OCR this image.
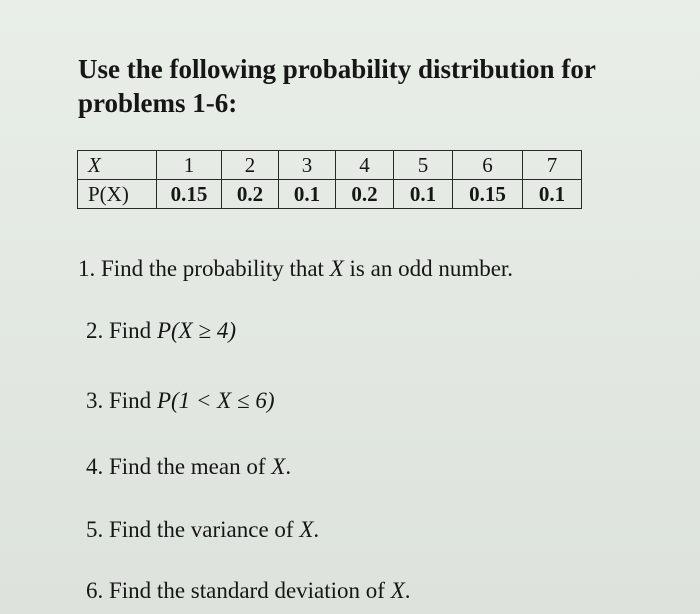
Use the following probability distribution for problems 1-6:
X	1	2	3	4	5	6	7
P(X)	0.15	0.2	0.1	0.2	0.1	0.15	0.1
1. Find the probability that X is an odd number.
2. Find P(X ≥ 4)
3. Find P(1 < X ≤ 6)
4. Find the mean of X.
5. Find the variance of X.
6. Find the standard deviation of X.
